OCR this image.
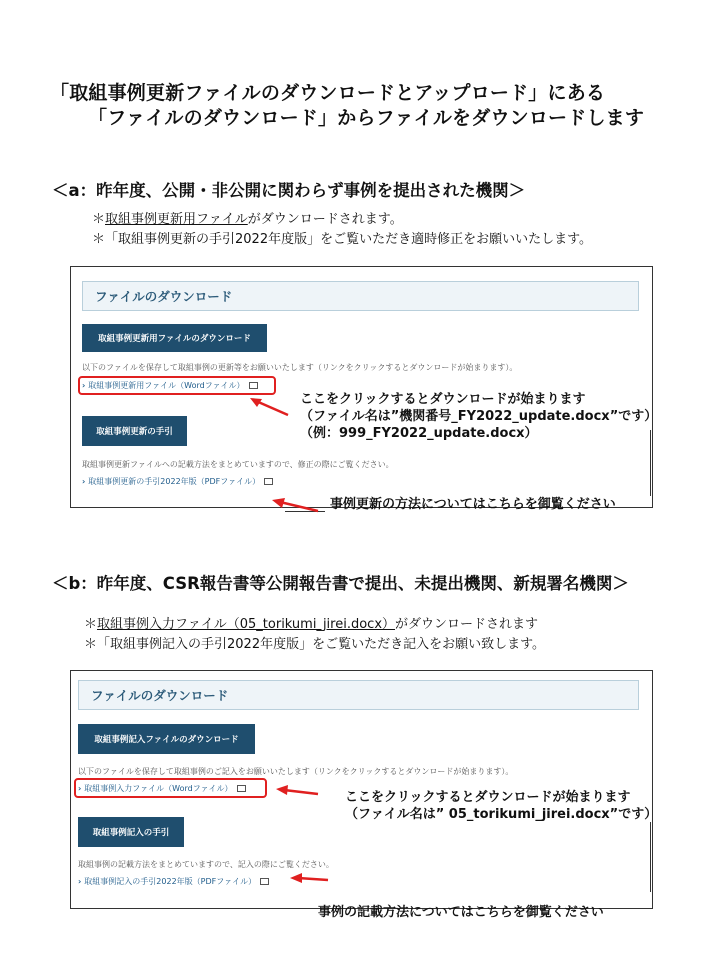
「取組事例更新ファイルのダウンロードとアップロード」にある
「ファイルのダウンロード」からファイルをダウンロードします
＜a：昨年度、公開・非公開に関わらず事例を提出された機関＞
＊取組事例更新用ファイルがダウンロードされます。
＊「取組事例更新の手引2022年度版」をご覧いただき適時修正をお願いいたします。
ファイルのダウンロード
取組事例更新用ファイルのダウンロード
以下のファイルを保存して取組事例の更新等をお願いいたします（リンクをクリックするとダウンロードが始まります）。
› 取組事例更新用ファイル（Wordファイル）
取組事例更新の手引
取組事例更新ファイルへの記載方法をまとめていますので、修正の際にご覧ください。
› 取組事例更新の手引2022年版（PDFファイル）
ここをクリックするとダウンロードが始まります
（ファイル名は”機関番号_FY2022_update.docx”です）
（例：999_FY2022_update.docx）
事例更新の方法についてはこちらを御覧ください
＜b：昨年度、CSR報告書等公開報告書で提出、未提出機関、新規署名機関＞
＊取組事例入力ファイル（05_torikumi_jirei.docx）がダウンロードされます
＊「取組事例記入の手引2022年度版」をご覧いただき記入をお願い致します。
ファイルのダウンロード
取組事例記入ファイルのダウンロード
以下のファイルを保存して取組事例のご記入をお願いいたします（リンクをクリックするとダウンロードが始まります）。
› 取組事例入力ファイル（Wordファイル）
取組事例記入の手引
取組事例の記載方法をまとめていますので、記入の際にご覧ください。
› 取組事例記入の手引2022年版（PDFファイル）
ここをクリックするとダウンロードが始まります
（ファイル名は” 05_torikumi_jirei.docx”です）
事例の記載方法についてはこちらを御覧ください
